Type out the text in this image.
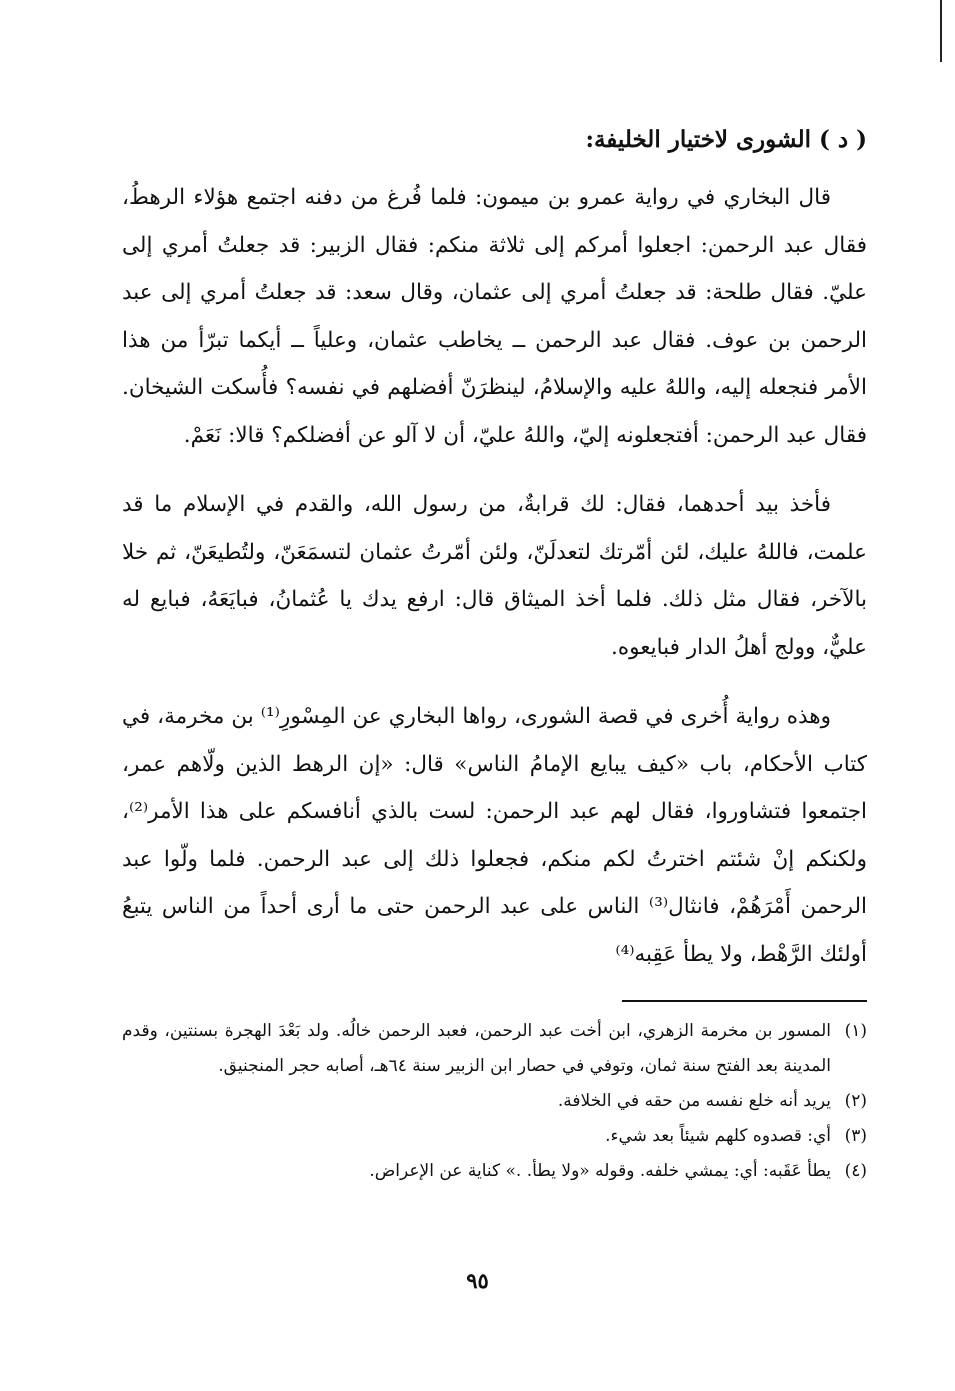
( د ) الشورى لاختيار الخليفة:

قال البخاري في رواية عمرو بن ميمون: فلما فُرغ من دفنه اجتمع هؤلاء الرهطُ، فقال عبد الرحمن: اجعلوا أمركم إلى ثلاثة منكم: فقال الزبير: قد جعلتُ أمري إلى عليّ. فقال طلحة: قد جعلتُ أمري إلى عثمان، وقال سعد: قد جعلتُ أمري إلى عبد الرحمن بن عوف. فقال عبد الرحمن ــ يخاطب عثمان، وعلياً ــ أيكما تبرّأ من هذا الأمر فنجعله إليه، واللهُ عليه والإسلامُ، لينظرَنّ أفضلهم في نفسه؟ فأُسكت الشيخان. فقال عبد الرحمن: أفتجعلونه إليّ، واللهُ عليّ، أن لا آلو عن أفضلكم؟ قالا: نَعَمْ.

فأخذ بيد أحدهما، فقال: لك قرابةٌ، من رسول الله، والقدم في الإسلام ما قد علمت، فاللهُ عليك، لئن أمّرتك لتعدلَنّ، ولئن أمّرتُ عثمان لتسمَعَنّ، ولتُطيعَنّ، ثم خلا بالآخر، فقال مثل ذلك. فلما أخذ الميثاق قال: ارفع يدك يا عُثمانُ، فبايَعَهُ، فبايع له عليٌّ، وولج أهلُ الدار فبايعوه.

وهذه رواية أُخرى في قصة الشورى، رواها البخاري عن المِسْورِ⁽¹⁾ بن مخرمة، في كتاب الأحكام، باب «كيف يبايع الإمامُ الناس» قال: «إن الرهط الذين ولّاهم عمر، اجتمعوا فتشاوروا، فقال لهم عبد الرحمن: لست بالذي أنافسكم على هذا الأمر⁽²⁾، ولكنكم إنْ شئتم اخترتُ لكم منكم، فجعلوا ذلك إلى عبد الرحمن. فلما ولّوا عبد الرحمن أَمْرَهُمْ، فانثال⁽³⁾ الناس على عبد الرحمن حتى ما أرى أحداً من الناس يتبعُ أولئك الرَّهْط، ولا يطأ عَقِبه⁽⁴⁾

(١)
المسور بن مخرمة الزهري، ابن أخت عبد الرحمن، فعبد الرحمن خالُه. ولد بَعْدَ الهجرة بسنتين، وقدم المدينة بعد الفتح سنة ثمان، وتوفي في حصار ابن الزبير سنة ٦٤هـ، أصابه حجر المنجنيق.
(٢)
يريد أنه خلع نفسه من حقه في الخلافة.
(٣)
أي: قصدوه كلهم شيئاً بعد شيء.
(٤)
يطأ عَقَبه: أي: يمشي خلفه. وقوله «ولا يطأ. .» كناية عن الإعراض.
٩٥
